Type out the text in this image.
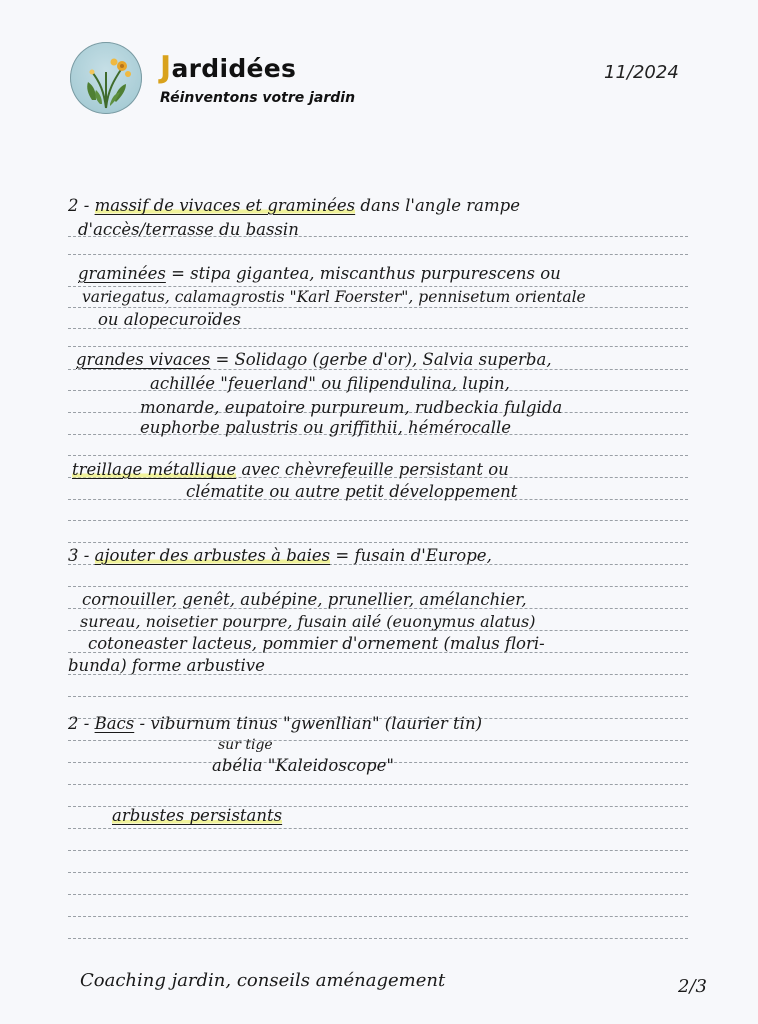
Jardidées
Réinventons votre jardin
11/2024
2 - massif de vivaces et graminées dans l'angle rampe
d'accès/terrasse du bassin
graminées = stipa gigantea, miscanthus purpurescens ou
variegatus, calamagrostis "Karl Foerster", pennisetum orientale
ou alopecuroïdes
grandes vivaces = Solidago (gerbe d'or), Salvia superba,
achillée "feuerland" ou filipendulina, lupin,
monarde, eupatoire purpureum, rudbeckia fulgida
euphorbe palustris ou griffithii, hémérocalle
treillage métallique avec chèvrefeuille persistant ou
clématite ou autre petit développement
3 - ajouter des arbustes à baies = fusain d'Europe,
cornouiller, genêt, aubépine, prunellier, amélanchier,
sureau, noisetier pourpre, fusain ailé (euonymus alatus)
cotoneaster lacteus, pommier d'ornement (malus flori-
bunda) forme arbustive
2 - Bacs - viburnum tinus "gwenllian" (laurier tin)
sur tige
abélia "Kaleidoscope"
arbustes persistants
Coaching jardin, conseils aménagement	2/3
